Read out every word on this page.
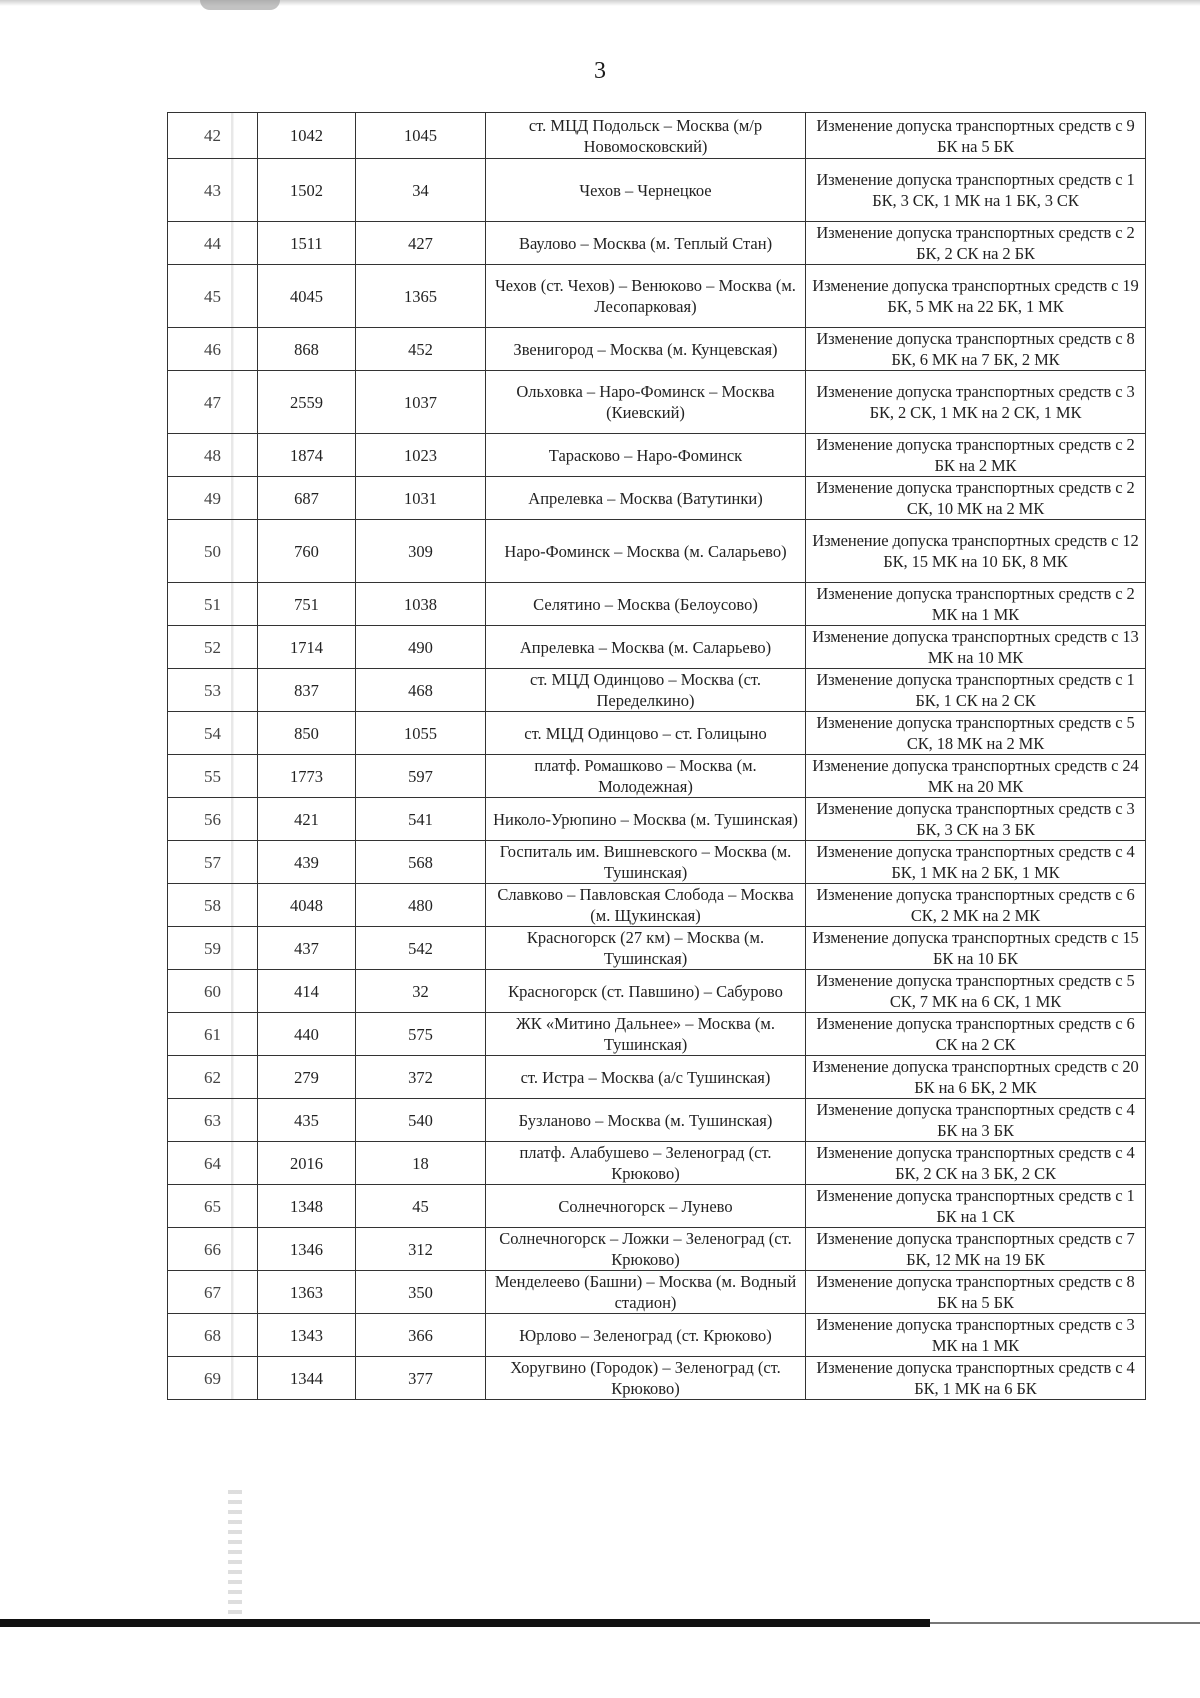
3
42	1042	1045	ст. МЦД Подольск – Москва (м/р Новомосковский)	Изменение допуска транспортных средств с 9 БК на 5 БК
43	1502	34	Чехов – Чернецкое	Изменение допуска транспортных средств с 1 БК, 3 СК, 1 МК на 1 БК, 3 СК
44	1511	427	Ваулово – Москва (м. Теплый Стан)	Изменение допуска транспортных средств с 2 БК, 2 СК на 2 БК
45	4045	1365	Чехов (ст. Чехов) – Венюково – Москва (м. Лесопарковая)	Изменение допуска транспортных средств с 19 БК, 5 МК на 22 БК, 1 МК
46	868	452	Звенигород – Москва (м. Кунцевская)	Изменение допуска транспортных средств с 8 БК, 6 МК на 7 БК, 2 МК
47	2559	1037	Ольховка – Наро-Фоминск – Москва (Киевский)	Изменение допуска транспортных средств с 3 БК, 2 СК, 1 МК на 2 СК, 1 МК
48	1874	1023	Тарасково – Наро-Фоминск	Изменение допуска транспортных средств с 2 БК на 2 МК
49	687	1031	Апрелевка – Москва (Ватутинки)	Изменение допуска транспортных средств с 2 СК, 10 МК на 2 МК
50	760	309	Наро-Фоминск – Москва (м. Саларьево)	Изменение допуска транспортных средств с 12 БК, 15 МК на 10 БК, 8 МК
51	751	1038	Селятино – Москва (Белоусово)	Изменение допуска транспортных средств с 2 МК на 1 МК
52	1714	490	Апрелевка – Москва (м. Саларьево)	Изменение допуска транспортных средств с 13 МК на 10 МК
53	837	468	ст. МЦД Одинцово – Москва (ст. Переделкино)	Изменение допуска транспортных средств с 1 БК, 1 СК на 2 СК
54	850	1055	ст. МЦД Одинцово – ст. Голицыно	Изменение допуска транспортных средств с 5 СК, 18 МК на 2 МК
55	1773	597	платф. Ромашково – Москва (м. Молодежная)	Изменение допуска транспортных средств с 24 МК на 20 МК
56	421	541	Николо-Урюпино – Москва (м. Тушинская)	Изменение допуска транспортных средств с 3 БК, 3 СК на 3 БК
57	439	568	Госпиталь им. Вишневского – Москва (м. Тушинская)	Изменение допуска транспортных средств с 4 БК, 1 МК на 2 БК, 1 МК
58	4048	480	Славково – Павловская Слобода – Москва (м. Щукинская)	Изменение допуска транспортных средств с 6 СК, 2 МК на 2 МК
59	437	542	Красногорск (27 км) – Москва (м. Тушинская)	Изменение допуска транспортных средств с 15 БК на 10 БК
60	414	32	Красногорск (ст. Павшино) – Сабурово	Изменение допуска транспортных средств с 5 СК, 7 МК на 6 СК, 1 МК
61	440	575	ЖК «Митино Дальнее» – Москва (м. Тушинская)	Изменение допуска транспортных средств с 6 СК на 2 СК
62	279	372	ст. Истра – Москва (а/с Тушинская)	Изменение допуска транспортных средств с 20 БК на 6 БК, 2 МК
63	435	540	Бузланово – Москва (м. Тушинская)	Изменение допуска транспортных средств с 4 БК на 3 БК
64	2016	18	платф. Алабушево – Зеленоград (ст. Крюково)	Изменение допуска транспортных средств с 4 БК, 2 СК на 3 БК, 2 СК
65	1348	45	Солнечногорск – Лунево	Изменение допуска транспортных средств с 1 БК на 1 СК
66	1346	312	Солнечногорск – Ложки – Зеленоград (ст. Крюково)	Изменение допуска транспортных средств с 7 БК, 12 МК на 19 БК
67	1363	350	Менделеево (Башни) – Москва (м. Водный стадион)	Изменение допуска транспортных средств с 8 БК на 5 БК
68	1343	366	Юрлово – Зеленоград (ст. Крюково)	Изменение допуска транспортных средств с 3 МК на 1 МК
69	1344	377	Хоругвино (Городок) – Зеленоград (ст. Крюково)	Изменение допуска транспортных средств с 4 БК, 1 МК на 6 БК
